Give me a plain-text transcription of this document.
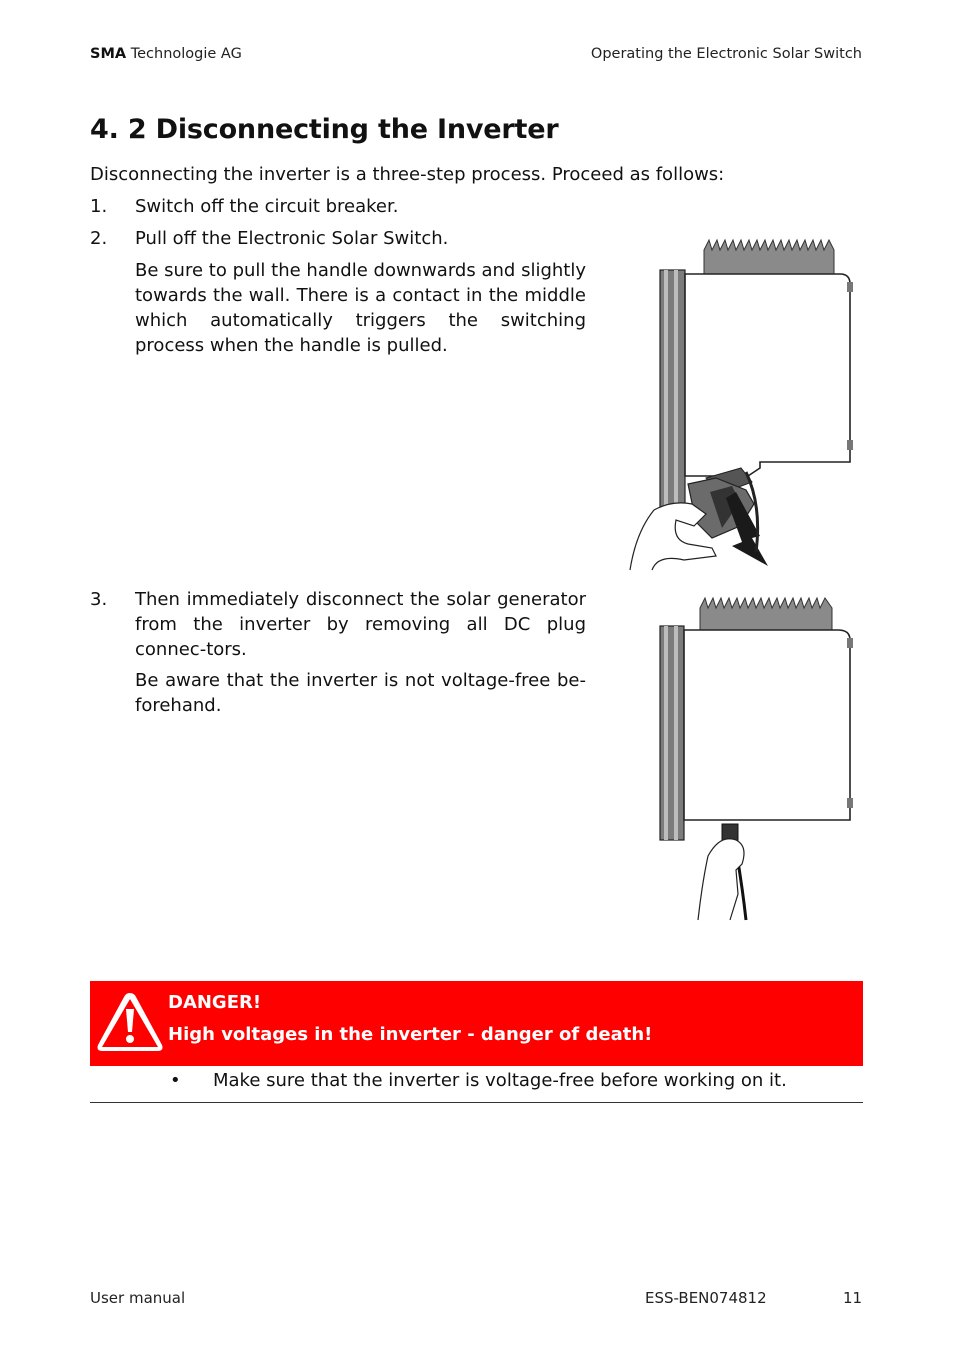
SMA Technologie AG	Operating the Electronic Solar Switch
4. 2 Disconnecting the Inverter
Disconnecting the inverter is a three-step process. Proceed as follows:
1. Switch off the circuit breaker.
2. Pull off the Electronic Solar Switch.
Be sure to pull the handle downwards and slightly towards the wall. There is a contact in the middle which automatically triggers the switching process when the handle is pulled.
3. Then immediately disconnect the solar generator from the inverter by removing all DC plug connec-tors.
Be aware that the inverter is not voltage-free be-forehand.
DANGER!
High voltages in the inverter - danger of death!
• Make sure that the inverter is voltage-free before working on it.
User manual	ESS-BEN074812	11
